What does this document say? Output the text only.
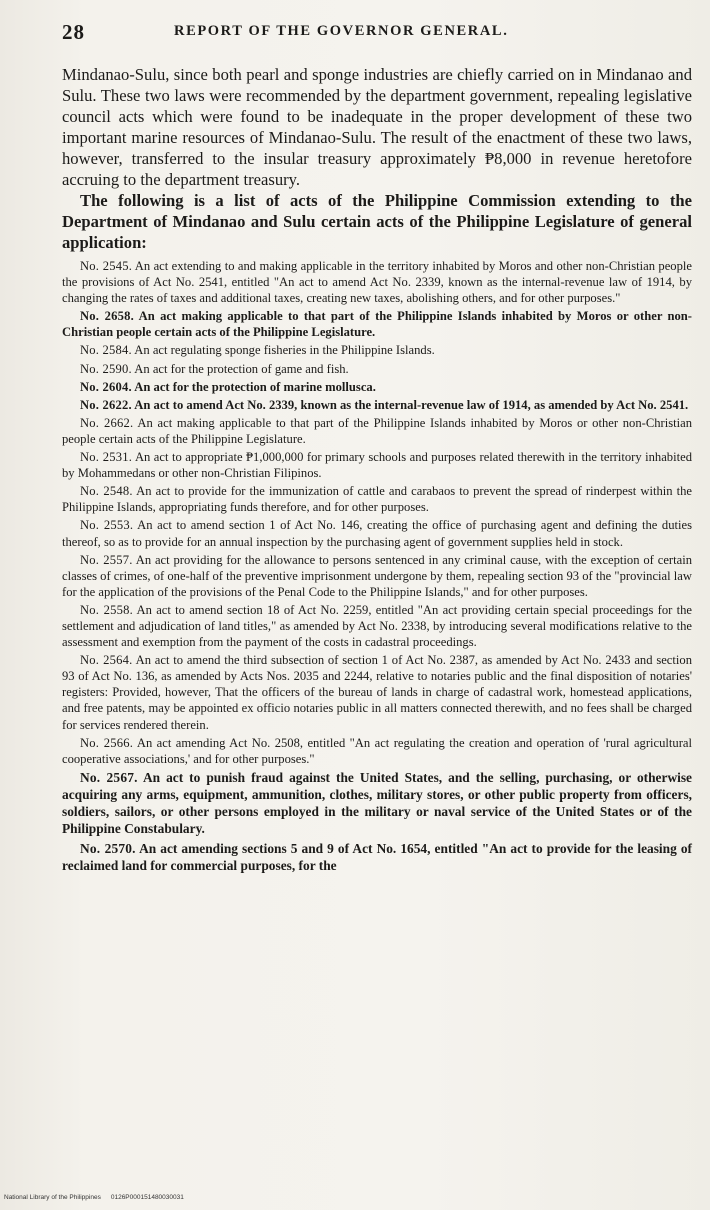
28	REPORT OF THE GOVERNOR GENERAL.

Mindanao-Sulu, since both pearl and sponge industries are chiefly carried on in Mindanao and Sulu. These two laws were recommended by the department government, repealing legislative council acts which were found to be inadequate in the proper development of these two important marine resources of Mindanao-Sulu. The result of the enactment of these two laws, however, transferred to the insular treasury approximately ₱8,000 in revenue heretofore accruing to the department treasury.

The following is a list of acts of the Philippine Commission extending to the Department of Mindanao and Sulu certain acts of the Philippine Legislature of general application:

No. 2545. An act extending to and making applicable in the territory inhabited by Moros and other non-Christian people the provisions of Act No. 2541, entitled "An act to amend Act No. 2339, known as the internal-revenue law of 1914, by changing the rates of taxes and additional taxes, creating new taxes, abolishing others, and for other purposes."
No. 2658. An act making applicable to that part of the Philippine Islands inhabited by Moros or other non-Christian people certain acts of the Philippine Legislature.
No. 2584. An act regulating sponge fisheries in the Philippine Islands.
No. 2590. An act for the protection of game and fish.
No. 2604. An act for the protection of marine mollusca.
No. 2622. An act to amend Act No. 2339, known as the internal-revenue law of 1914, as amended by Act No. 2541.
No. 2662. An act making applicable to that part of the Philippine Islands inhabited by Moros or other non-Christian people certain acts of the Philippine Legislature.
No. 2531. An act to appropriate ₱1,000,000 for primary schools and purposes related therewith in the territory inhabited by Mohammedans or other non-Christian Filipinos.
No. 2548. An act to provide for the immunization of cattle and carabaos to prevent the spread of rinderpest within the Philippine Islands, appropriating funds therefore, and for other purposes.
No. 2553. An act to amend section 1 of Act No. 146, creating the office of purchasing agent and defining the duties thereof, so as to provide for an annual inspection by the purchasing agent of government supplies held in stock.
No. 2557. An act providing for the allowance to persons sentenced in any criminal cause, with the exception of certain classes of crimes, of one-half of the preventive imprisonment undergone by them, repealing section 93 of the "provincial law for the application of the provisions of the Penal Code to the Philippine Islands," and for other purposes.
No. 2558. An act to amend section 18 of Act No. 2259, entitled "An act providing certain special proceedings for the settlement and adjudication of land titles," as amended by Act No. 2338, by introducing several modifications relative to the assessment and exemption from the payment of the costs in cadastral proceedings.
No. 2564. An act to amend the third subsection of section 1 of Act No. 2387, as amended by Act No. 2433 and section 93 of Act No. 136, as amended by Acts Nos. 2035 and 2244, relative to notaries public and the final disposition of notaries' registers: Provided, however, That the officers of the bureau of lands in charge of cadastral work, homestead applications, and free patents, may be appointed ex officio notaries public in all matters connected therewith, and no fees shall be charged for services rendered therein.
No. 2566. An act amending Act No. 2508, entitled "An act regulating the creation and operation of 'rural agricultural cooperative associations,' and for other purposes."
No. 2567. An act to punish fraud against the United States, and the selling, purchasing, or otherwise acquiring any arms, equipment, ammunition, clothes, military stores, or other public property from officers, soldiers, sailors, or other persons employed in the military or naval service of the United States or of the Philippine Constabulary.
No. 2570. An act amending sections 5 and 9 of Act No. 1654, entitled "An act to provide for the leasing of reclaimed land for commercial purposes, for the
National Library of the Philippines 0126P000151480030031
